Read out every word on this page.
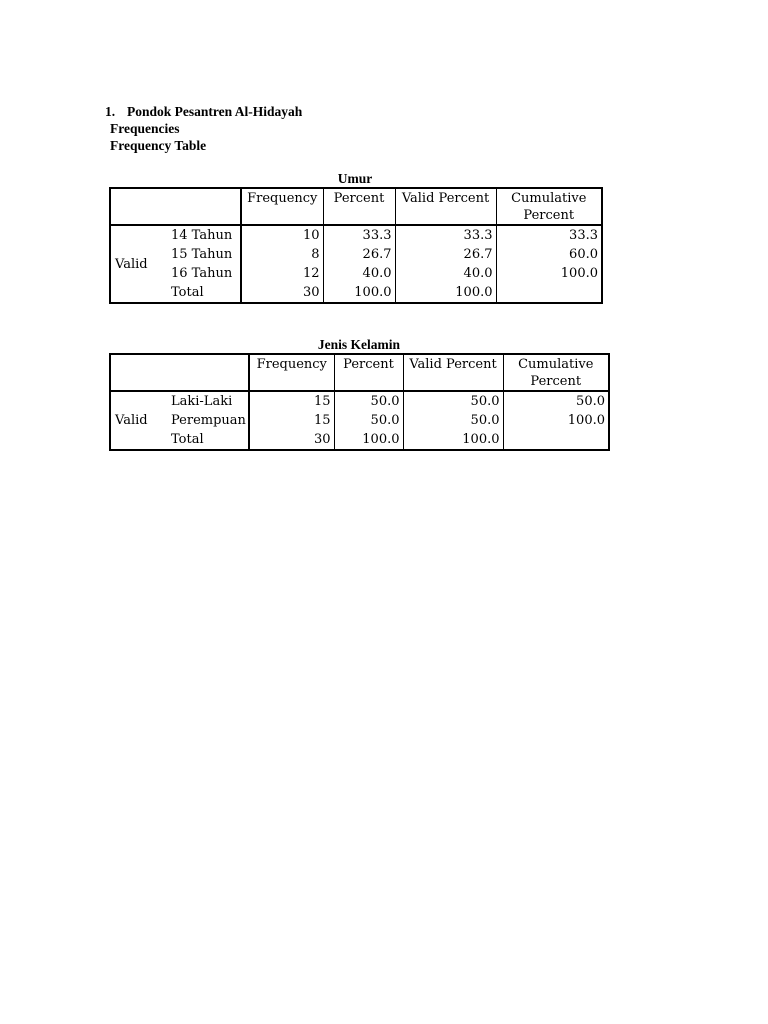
1. Pondok Pesantren Al-Hidayah
Frequencies
Frequency Table
Umur
		Frequency	Percent	Valid Percent	Cumulative Percent
Valid	14 Tahun	10	33.3	33.3	33.3
	15 Tahun	8	26.7	26.7	60.0
	16 Tahun	12	40.0	40.0	100.0
	Total	30	100.0	100.0	
Jenis Kelamin
		Frequency	Percent	Valid Percent	Cumulative Percent
Valid	Laki-Laki	15	50.0	50.0	50.0
	Perempuan	15	50.0	50.0	100.0
	Total	30	100.0	100.0	
